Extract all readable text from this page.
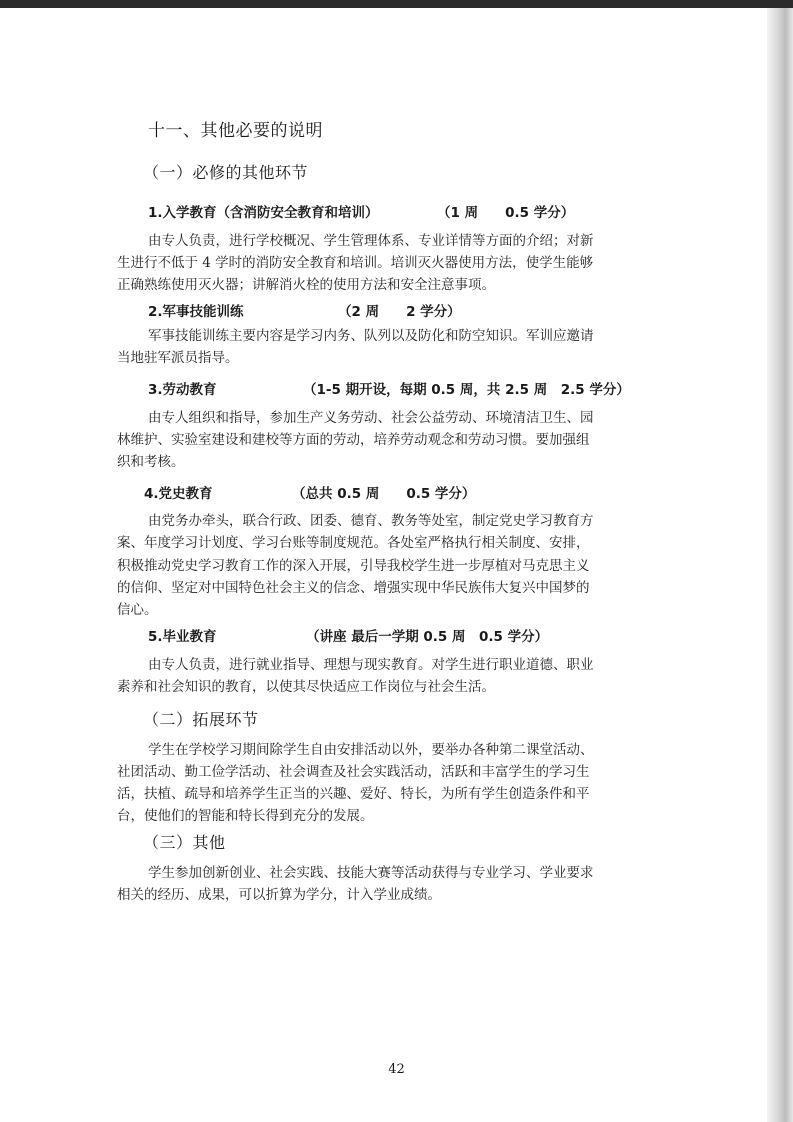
十一、其他必要的说明

（一）必修的其他环节

1.入学教育（含消防安全教育和培训）	（1 周　　0.5 学分）

由专人负责，进行学校概况、学生管理体系、专业详情等方面的介绍；对新

生进行不低于 4 学时的消防安全教育和培训。培训灭火器使用方法，使学生能够

正确熟练使用灭火器；讲解消火栓的使用方法和安全注意事项。

2.军事技能训练	（2 周　　2 学分）

军事技能训练主要内容是学习内务、队列以及防化和防空知识。军训应邀请

当地驻军派员指导。

3.劳动教育	（1-5 期开设，每期 0.5 周，共 2.5 周　2.5 学分）

由专人组织和指导，参加生产义务劳动、社会公益劳动、环境清洁卫生、园

林维护、实验室建设和建校等方面的劳动，培养劳动观念和劳动习惯。要加强组

织和考核。

4.党史教育	（总共 0.5 周　　0.5 学分）

由党务办牵头，联合行政、团委、德育、教务等处室，制定党史学习教育方

案、年度学习计划度、学习台账等制度规范。各处室严格执行相关制度、安排，

积极推动党史学习教育工作的深入开展，引导我校学生进一步厚植对马克思主义

的信仰、坚定对中国特色社会主义的信念、增强实现中华民族伟大复兴中国梦的

信心。

5.毕业教育	（讲座 最后一学期 0.5 周　0.5 学分）

由专人负责，进行就业指导、理想与现实教育。对学生进行职业道德、职业

素养和社会知识的教育，以使其尽快适应工作岗位与社会生活。

（二）拓展环节

学生在学校学习期间除学生自由安排活动以外，要举办各种第二课堂活动、

社团活动、勤工俭学活动、社会调查及社会实践活动，活跃和丰富学生的学习生

活，扶植、疏导和培养学生正当的兴趣、爱好、特长，为所有学生创造条件和平

台，使他们的智能和特长得到充分的发展。

（三）其他

学生参加创新创业、社会实践、技能大赛等活动获得与专业学习、学业要求

相关的经历、成果，可以折算为学分，计入学业成绩。

42
